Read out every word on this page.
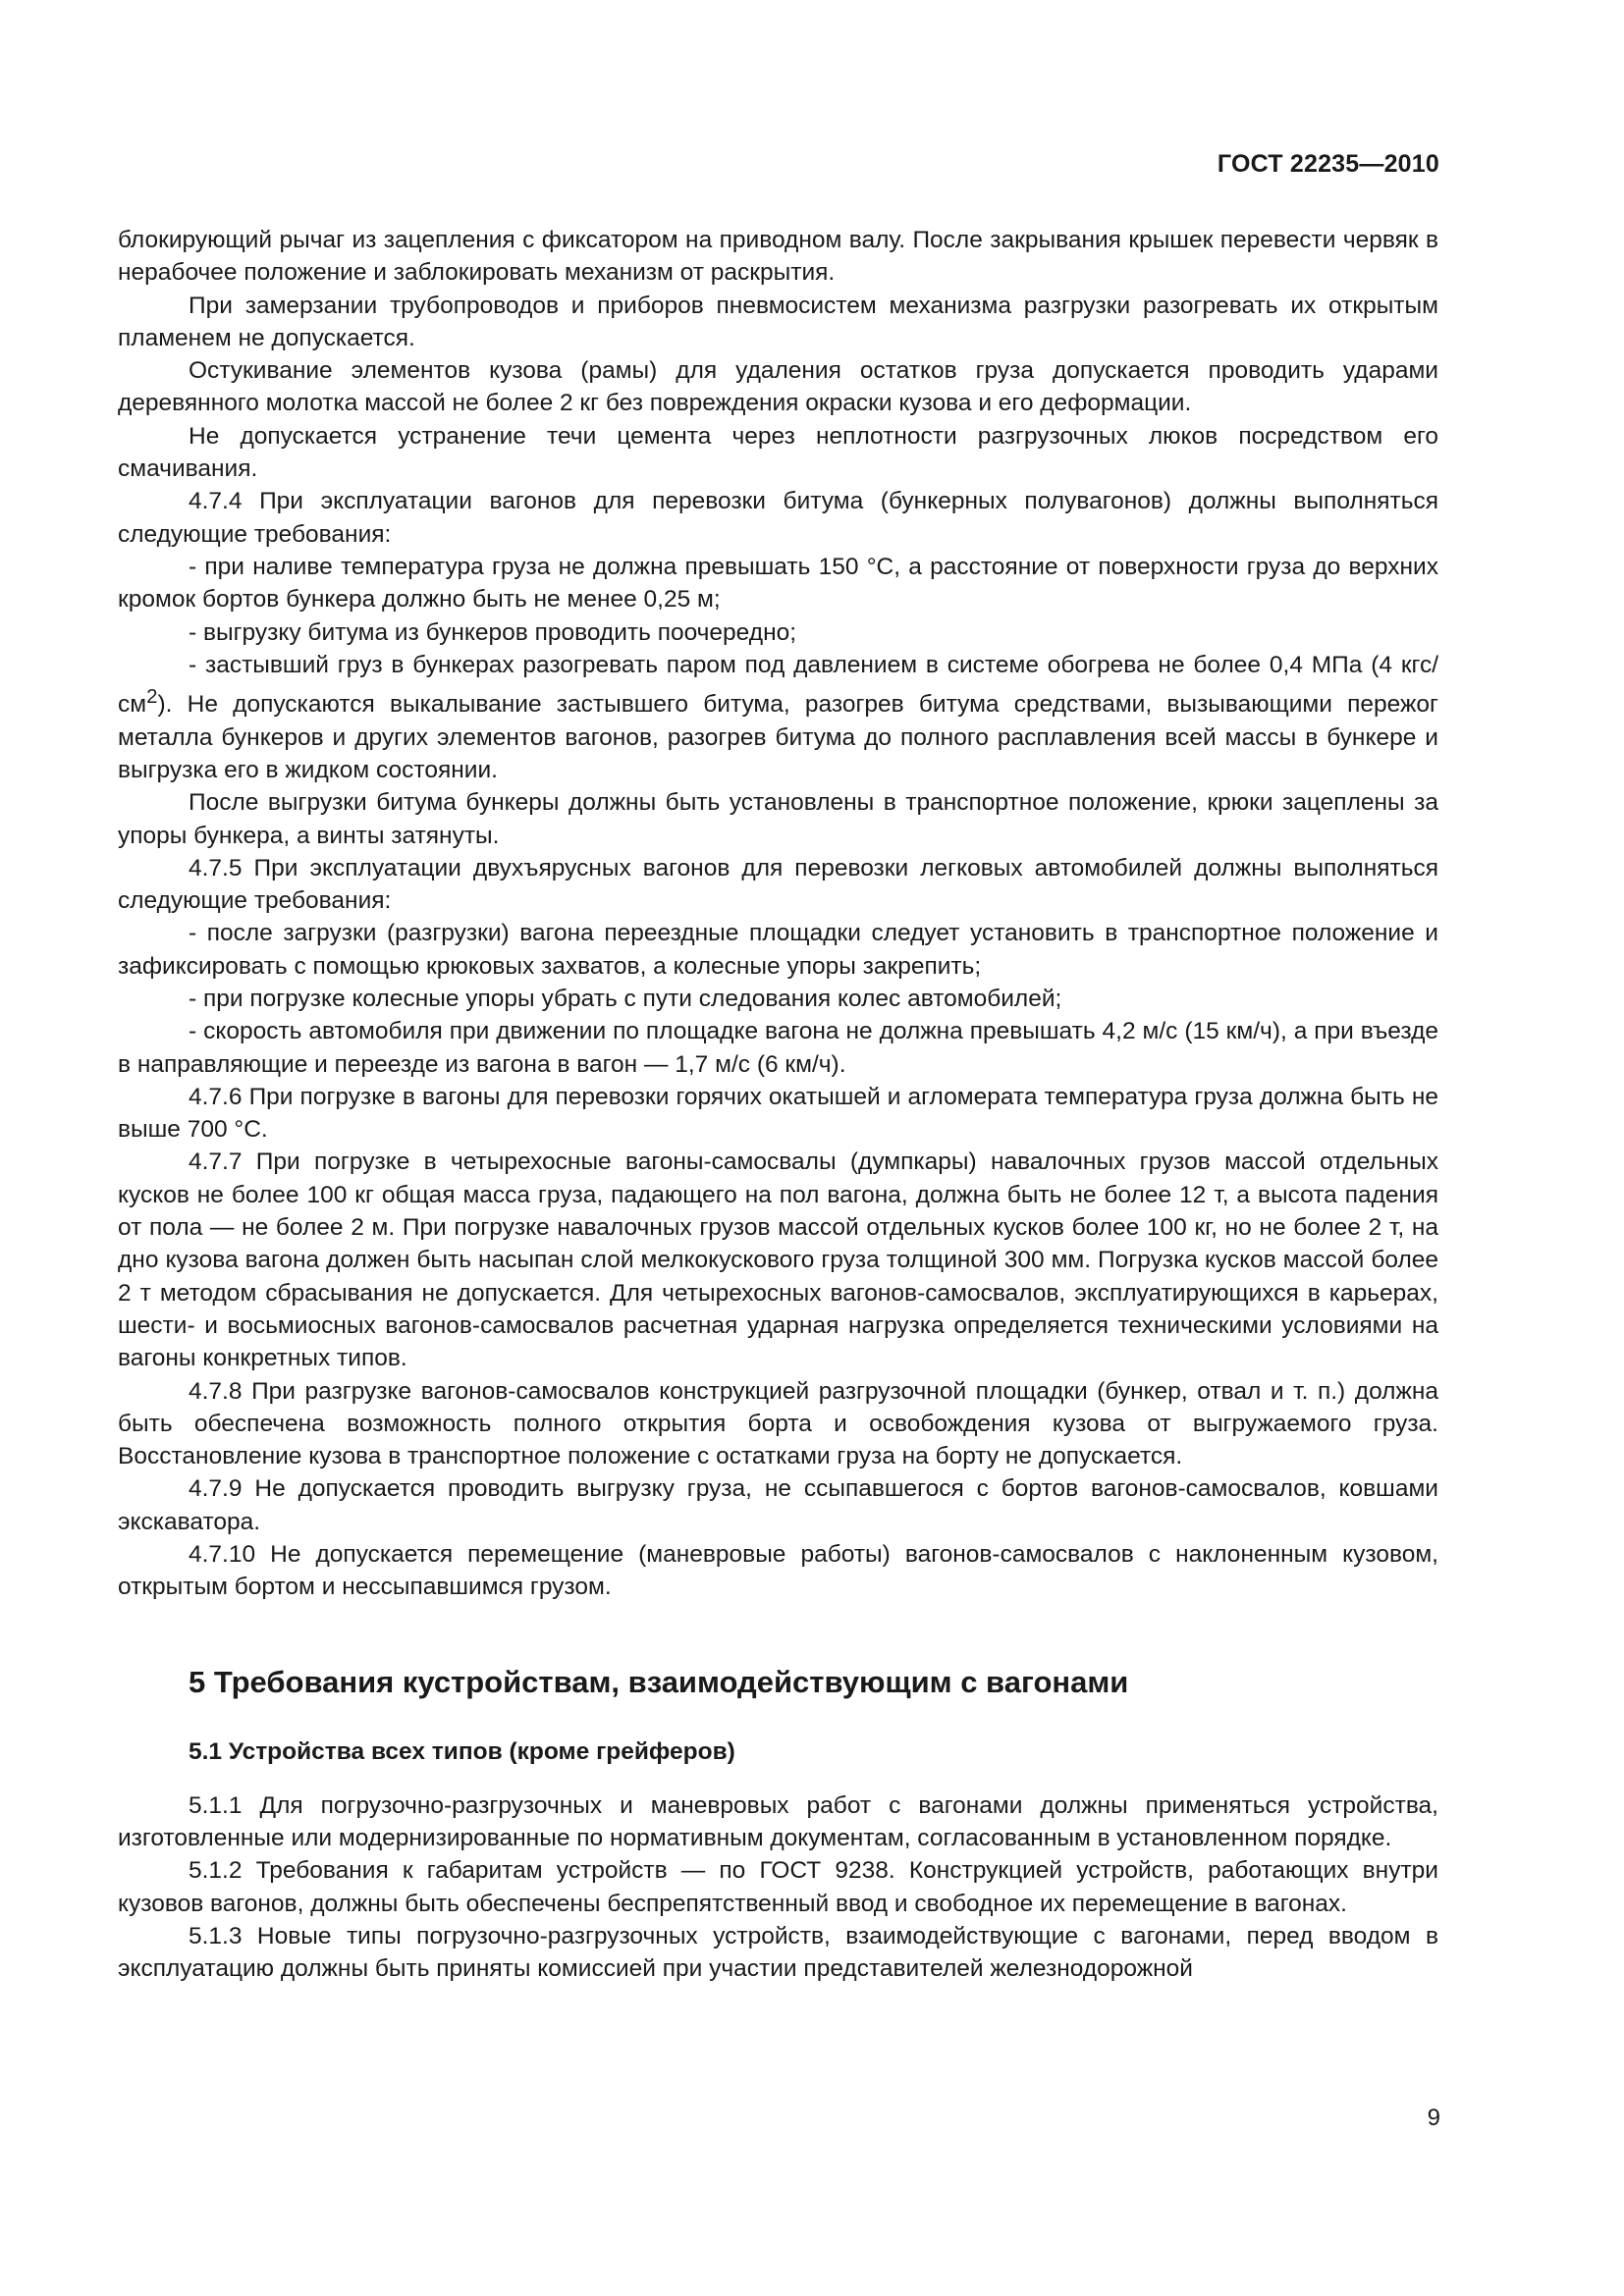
ГОСТ 22235—2010

блокирующий рычаг из зацепления с фиксатором на приводном валу. После закрывания крышек перевести червяк в нерабочее положение и заблокировать механизм от раскрытия.

При замерзании трубопроводов и приборов пневмосистем механизма разгрузки разогревать их открытым пламенем не допускается.

Остукивание элементов кузова (рамы) для удаления остатков груза допускается проводить ударами деревянного молотка массой не более 2 кг без повреждения окраски кузова и его деформации.

Не допускается устранение течи цемента через неплотности разгрузочных люков посредством его смачивания.

4.7.4 При эксплуатации вагонов для перевозки битума (бункерных полувагонов) должны выполняться следующие требования:

- при наливе температура груза не должна превышать 150 °С, а расстояние от поверхности груза до верхних кромок бортов бункера должно быть не менее 0,25 м;

- выгрузку битума из бункеров проводить поочередно;

- застывший груз в бункерах разогревать паром под давлением в системе обогрева не более 0,4 МПа (4 кгс/$см^2$). Не допускаются выкалывание застывшего битума, разогрев битума средствами, вызывающими пережог металла бункеров и других элементов вагонов, разогрев битума до полного расплавления всей массы в бункере и выгрузка его в жидком состоянии.

После выгрузки битума бункеры должны быть установлены в транспортное положение, крюки зацеплены за упоры бункера, а винты затянуты.

4.7.5 При эксплуатации двухъярусных вагонов для перевозки легковых автомобилей должны выполняться следующие требования:

- после загрузки (разгрузки) вагона переездные площадки следует установить в транспортное положение и зафиксировать с помощью крюковых захватов, а колесные упоры закрепить;

- при погрузке колесные упоры убрать с пути следования колес автомобилей;

- скорость автомобиля при движении по площадке вагона не должна превышать 4,2 м/с (15 км/ч), а при въезде в направляющие и переезде из вагона в вагон — 1,7 м/с (6 км/ч).

4.7.6 При погрузке в вагоны для перевозки горячих окатышей и агломерата температура груза должна быть не выше 700 °С.

4.7.7 При погрузке в четырехосные вагоны-самосвалы (думпкары) навалочных грузов массой отдельных кусков не более 100 кг общая масса груза, падающего на пол вагона, должна быть не более 12 т, а высота падения от пола — не более 2 м. При погрузке навалочных грузов массой отдельных кусков более 100 кг, но не более 2 т, на дно кузова вагона должен быть насыпан слой мелкокускового груза толщиной 300 мм. Погрузка кусков массой более 2 т методом сбрасывания не допускается. Для четырехосных вагонов-самосвалов, эксплуатирующихся в карьерах, шести- и восьмиосных вагонов-самосвалов расчетная ударная нагрузка определяется техническими условиями на вагоны конкретных типов.

4.7.8 При разгрузке вагонов-самосвалов конструкцией разгрузочной площадки (бункер, отвал и т. п.) должна быть обеспечена возможность полного открытия борта и освобождения кузова от выгружаемого груза. Восстановление кузова в транспортное положение с остатками груза на борту не допускается.

4.7.9 Не допускается проводить выгрузку груза, не ссыпавшегося с бортов вагонов-самосвалов, ковшами экскаватора.

4.7.10 Не допускается перемещение (маневровые работы) вагонов-самосвалов с наклоненным кузовом, открытым бортом и нессыпавшимся грузом.

5 Требования кустройствам, взаимодействующим с вагонами
5.1 Устройства всех типов (кроме грейферов)

5.1.1 Для погрузочно-разгрузочных и маневровых работ с вагонами должны применяться устройства, изготовленные или модернизированные по нормативным документам, согласованным в установленном порядке.

5.1.2 Требования к габаритам устройств — по ГОСТ 9238. Конструкцией устройств, работающих внутри кузовов вагонов, должны быть обеспечены беспрепятственный ввод и свободное их перемещение в вагонах.

5.1.3 Новые типы погрузочно-разгрузочных устройств, взаимодействующие с вагонами, перед вводом в эксплуатацию должны быть приняты комиссией при участии представителей железнодорожной

9
